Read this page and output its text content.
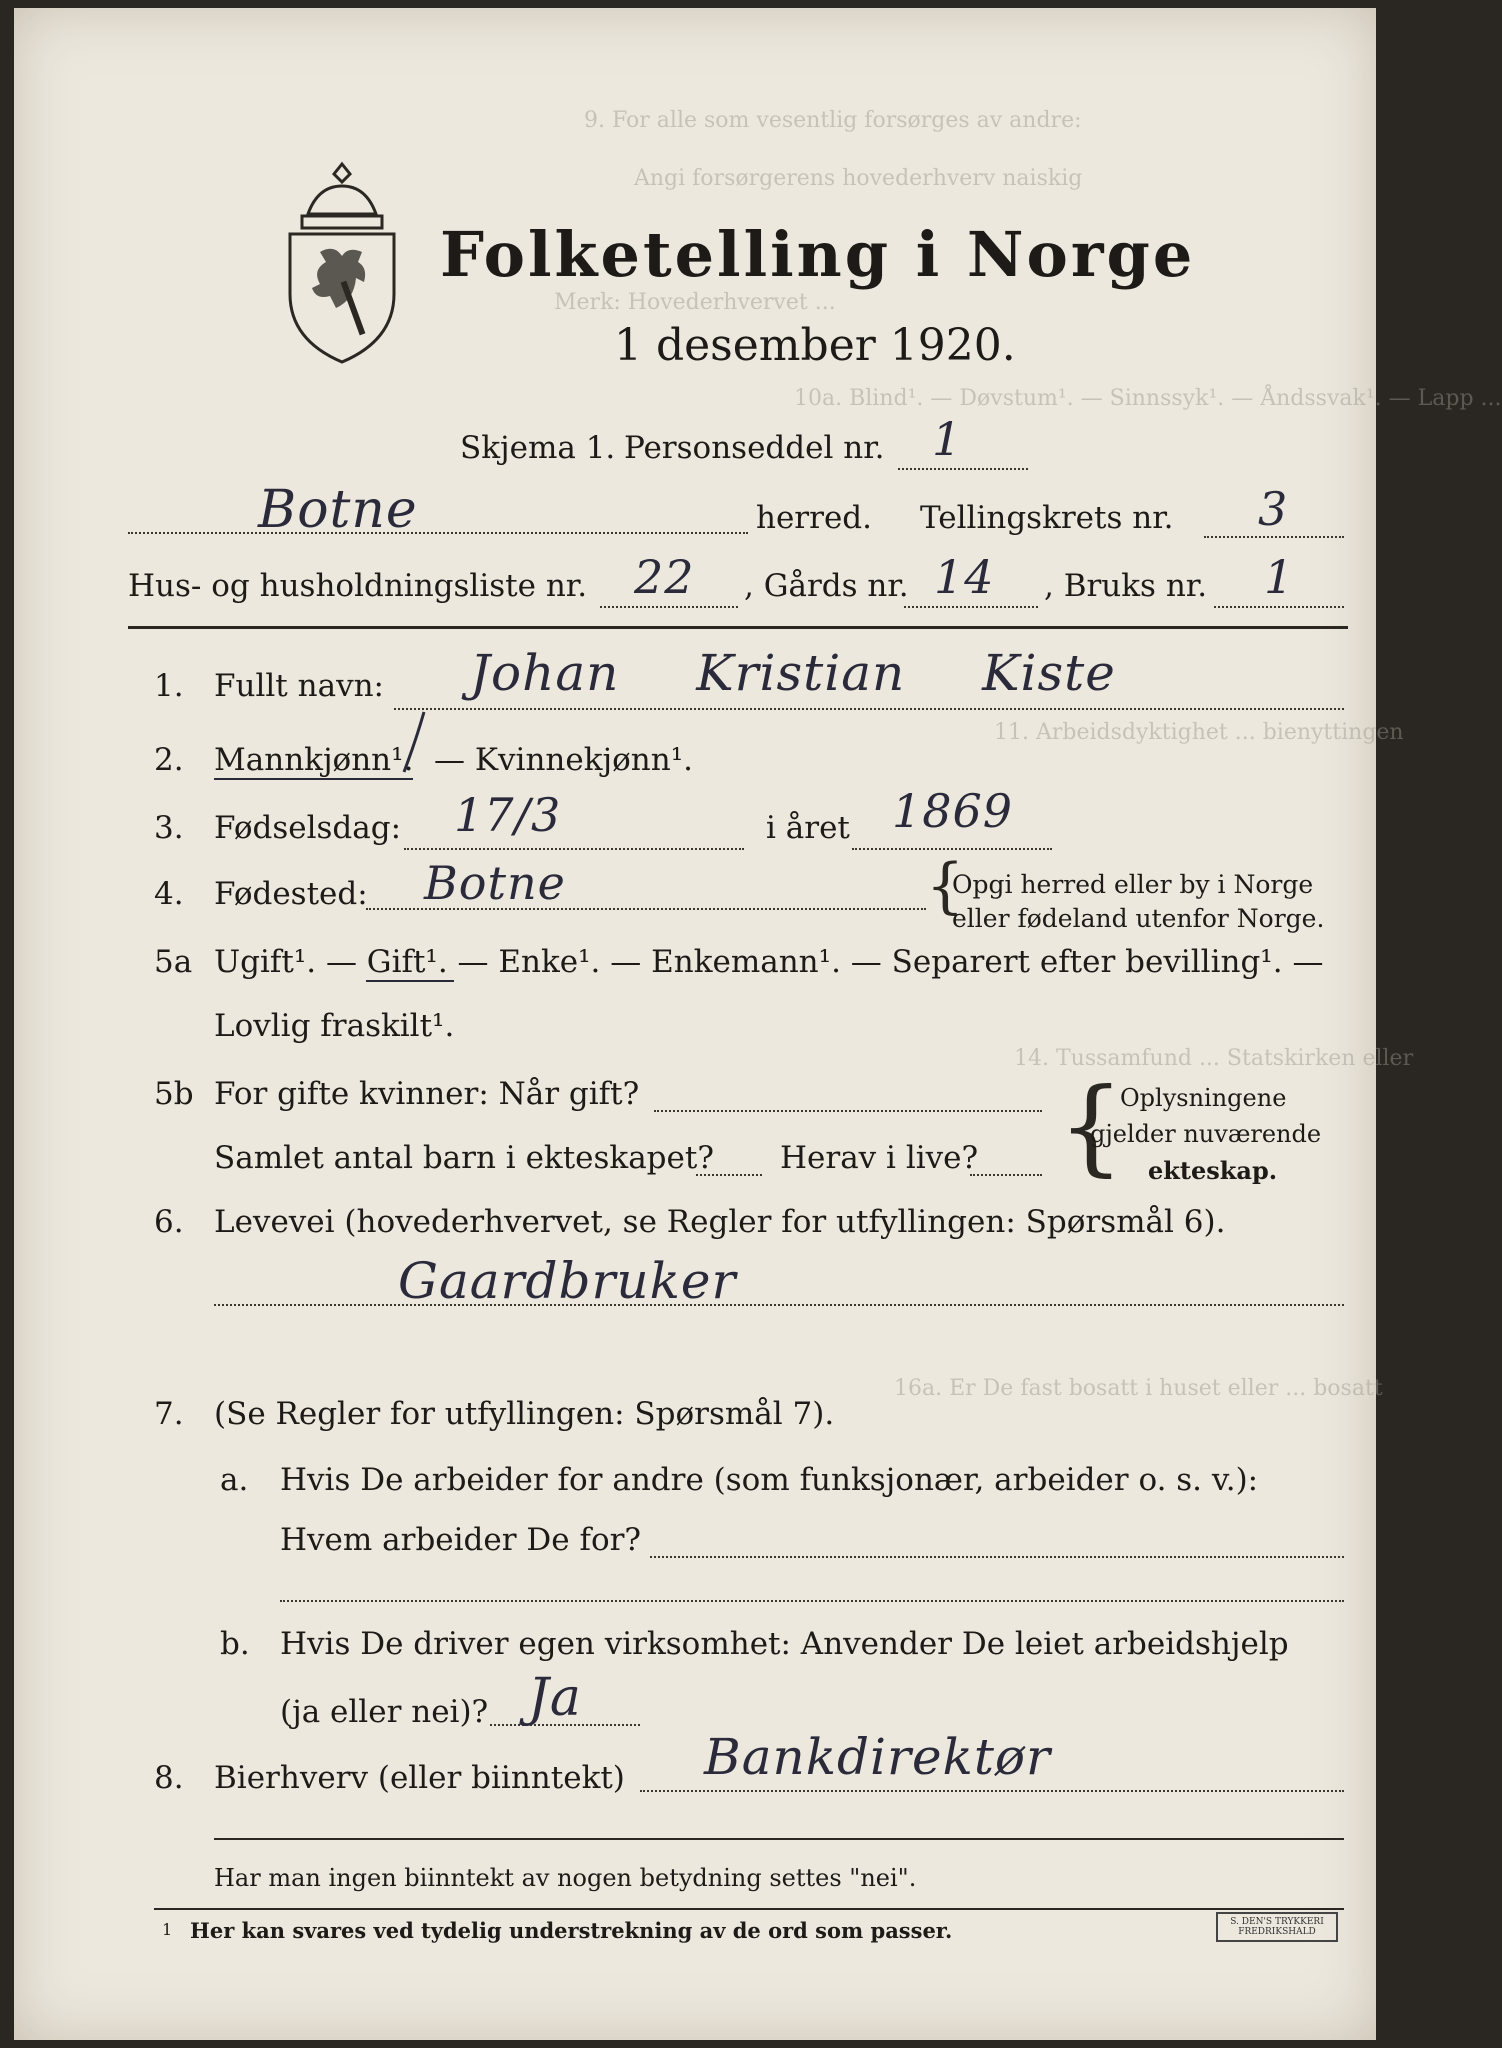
9. For alle som vesentlig forsørges av andre:
Angi forsørgerens hovederhverv naiskig
Merk: Hovederhvervet ...
10a. Blind¹. — Døvstum¹. — Sinnssyk¹. — Åndssvak¹. — Lapp ...
11. Arbeidsdyktighet ... bienyttingen
14. Tussamfund ... Statskirken eller
16a. Er De fast bosatt i huset eller ... bosatt
Folketelling i Norge
1 desember 1920.
Skjema 1. Personseddel nr. 1
Botne	herred. Tellingskrets nr. 3
Hus- og husholdningsliste nr. 22 , Gårds nr. 14 , Bruks nr. 1
1. Fullt navn: Johan Kristian Kiste
2. Mannkjønn¹. — Kvinnekjønn¹.
3. Fødselsdag: 17/3	i året 1869
4. Fødested: Botne	{
Opgi herred eller by i Norge
eller fødeland utenfor Norge.
5a Ugift¹. — Gift¹. — Enke¹. — Enkemann¹. — Separert efter bevilling¹. —
Lovlig fraskilt¹.
5b For gifte kvinner: Når gift?
Samlet antal barn i ekteskapet? Herav i live? {
Oplysningene
gjelder nuværende
ekteskap.
6. Levevei (hovederhvervet, se Regler for utfyllingen: Spørsmål 6).
Gaardbruker
7. (Se Regler for utfyllingen: Spørsmål 7).
a. Hvis De arbeider for andre (som funksjonær, arbeider o. s. v.):
Hvem arbeider De for?
b. Hvis De driver egen virksomhet: Anvender De leiet arbeidshjelp
(ja eller nei)? Ja
8. Bierhverv (eller biinntekt) Bankdirektør
Har man ingen biinntekt av nogen betydning settes "nei".
1 Her kan svares ved tydelig understrekning av de ord som passer.	S. DEN'S TRYKKERI FREDRIKSHALD
